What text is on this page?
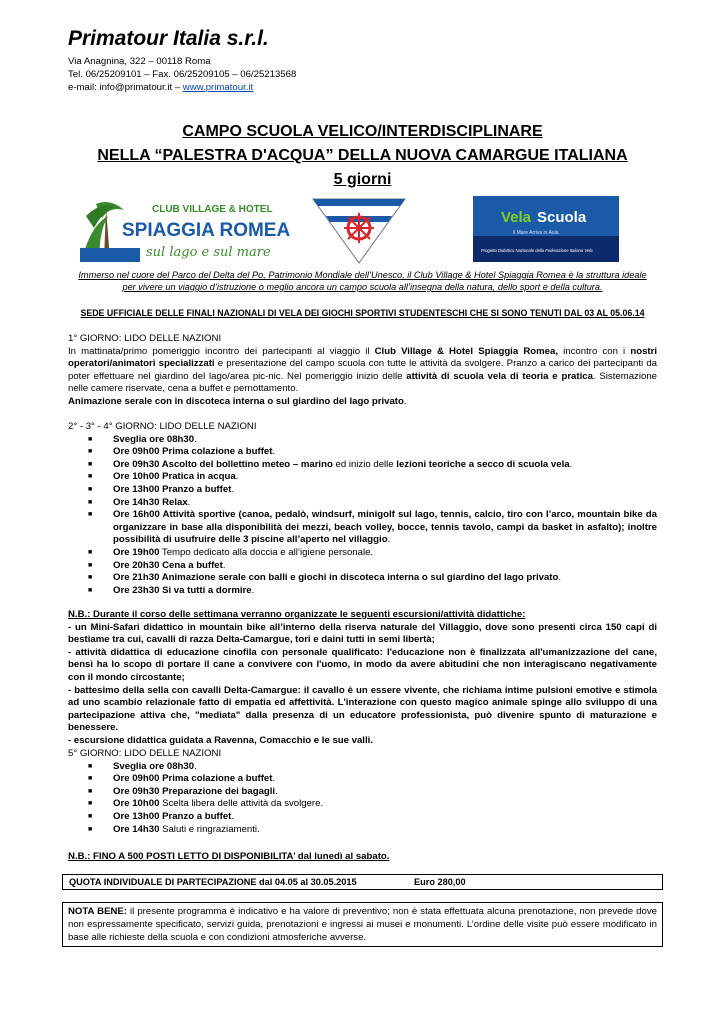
Primatour Italia s.r.l.
Via Anagnina, 322 – 00118 Roma
Tel. 06/25209101 – Fax. 06/25209105 – 06/25213568
e-mail: info@primatour.it – www.primatour.it
CAMPO SCUOLA VELICO/INTERDISCIPLINARE
NELLA “PALESTRA D'ACQUA” DELLA NUOVA CAMARGUE ITALIANA
5 giorni
CLUB VILLAGE & HOTEL
SPIAGGIA ROMEA
sul lago e sul mare
Vela Scuola
il Mare Arriva in Aula
Progetto Didattico Nazionale della Federazione Italiana Vela
Immerso nel cuore del Parco del Delta del Po, Patrimonio Mondiale dell’Unesco, il Club Village & Hotel Spiaggia Romea è la struttura ideale
per vivere un viaggio d’istruzione o meglio ancora un campo scuola all’insegna della natura, dello sport e della cultura.
SEDE UFFICIALE DELLE FINALI NAZIONALI DI VELA DEI GIOCHI SPORTIVI STUDENTESCHI CHE SI SONO TENUTI DAL 03 AL 05.06.14
1° GIORNO: LIDO DELLE NAZIONI
In mattinata/primo pomeriggio incontro dei partecipanti al viaggio il Club Village & Hotel Spiaggia Romea, incontro con i nostri operatori/animatori specializzati e presentazione del campo scuola con tutte le attività da svolgere. Pranzo a carico dei partecipanti da poter effettuare nel giardino del lago/area pic-nic. Nel pomeriggio inizio delle attività di scuola vela di teoria e pratica. Sistemazione nelle camere riservate, cena a buffet e pernottamento.
Animazione serale con in discoteca interna o sul giardino del lago privato.
2° - 3° - 4° GIORNO: LIDO DELLE NAZIONI
■ Sveglia ore 08h30.
■ Ore 09h00 Prima colazione a buffet.
■ Ore 09h30 Ascolto del bollettino meteo – marino ed inizio delle lezioni teoriche a secco di scuola vela.
■ Ore 10h00 Pratica in acqua.
■ Ore 13h00 Pranzo a buffet.
■ Ore 14h30 Relax.
■ Ore 16h00 Attività sportive (canoa, pedalò, windsurf, minigolf sul lago, tennis, calcio, tiro con l’arco, mountain bike da organizzare in base alla disponibilità dei mezzi, beach volley, bocce, tennis tavolo, campi da basket in asfalto); inoltre possibilità di usufruire delle 3 piscine all’aperto nel villaggio.
■ Ore 19h00 Tempo dedicato alla doccia e all’igiene personale.
■ Ore 20h30 Cena a buffet.
■ Ore 21h30 Animazione serale con balli e giochi in discoteca interna o sul giardino del lago privato.
■ Ore 23h30 Si va tutti a dormire.
N.B.: Durante il corso delle settimana verranno organizzate le seguenti escursioni/attività didattiche:
- un Mini-Safari didattico in mountain bike all’interno della riserva naturale del Villaggio, dove sono presenti circa 150 capi di bestiame tra cui, cavalli di razza Delta-Camargue, tori e daini tutti in semi libertà;
- attività didattica di educazione cinofila con personale qualificato: l'educazione non è finalizzata all'umanizzazione del cane, bensì ha lo scopo di portare il cane a convivere con l'uomo, in modo da avere abitudini che non interagiscano negativamente con il mondo circostante;
- battesimo della sella con cavalli Delta-Camargue: il cavallo è un essere vivente, che richiama intime pulsioni emotive e stimola ad uno scambio relazionale fatto di empatia ed affettività. L'interazione con questo magico animale spinge allo sviluppo di una partecipazione attiva che, "mediata" dalla presenza di un educatore professionista, può divenire spunto di maturazione e benessere.
- escursione didattica guidata a Ravenna, Comacchio e le sue valli.
5° GIORNO: LIDO DELLE NAZIONI
■ Sveglia ore 08h30.
■ Ore 09h00 Prima colazione a buffet.
■ Ore 09h30 Preparazione dei bagagli.
■ Ore 10h00 Scelta libera delle attività da svolgere.
■ Ore 13h00 Pranzo a buffet.
■ Ore 14h30 Saluti e ringraziamenti.
N.B.: FINO A 500 POSTI LETTO DI DISPONIBILITA’ dal lunedì al sabato.
QUOTA INDIVIDUALE DI PARTECIPAZIONE dal 04.05 al 30.05.2015	Euro 280,00
NOTA BENE: il presente programma è indicativo e ha valore di preventivo; non è stata effettuata alcuna prenotazione, non prevede dove non espressamente specificato, servizi guida, prenotazioni e ingressi ai musei e monumenti. L’ordine delle visite può essere modificato in base alle richieste della scuola e con condizioni atmosferiche avverse.
